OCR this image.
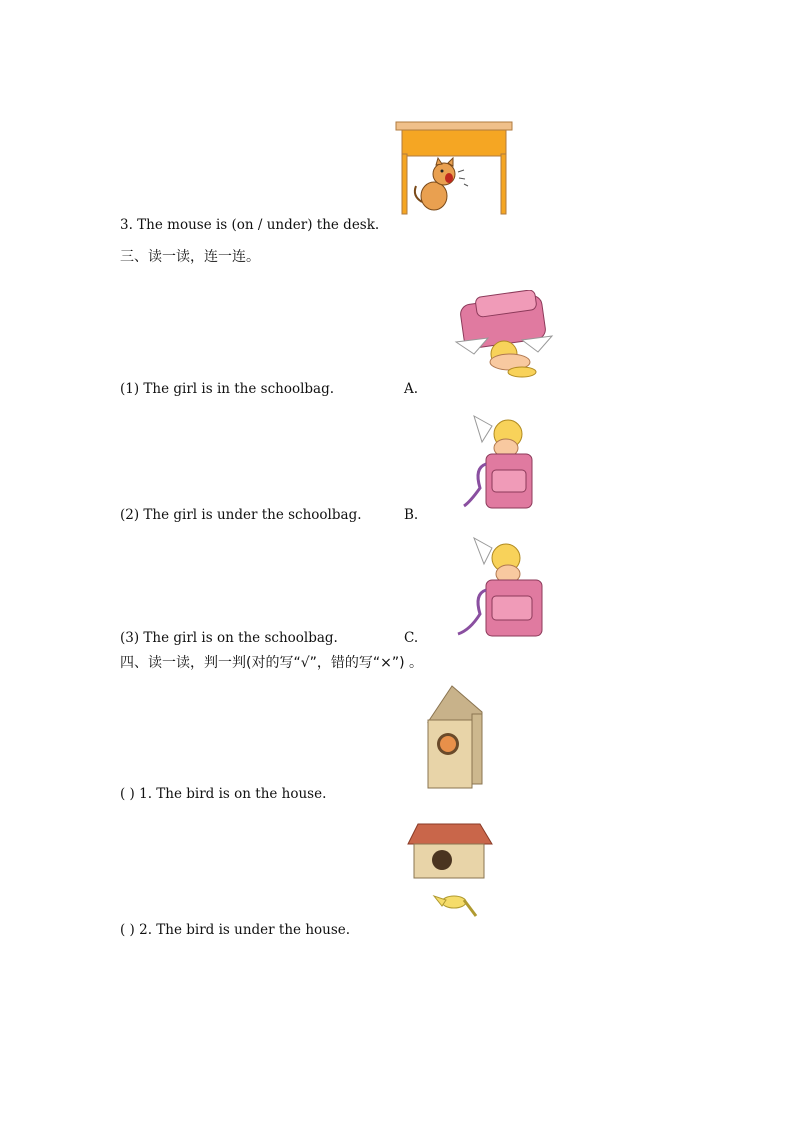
3. The mouse is (on / under) the desk.
三、读一读，连一连。
(1) The girl is in the schoolbag.	A.
(2) The girl is under the schoolbag.	B.
(3) The girl is on the schoolbag.	C.
四、读一读，判一判(对的写“√”，错的写“×”) 。
( ) 1. The bird is on the house.
( ) 2. The bird is under the house.
